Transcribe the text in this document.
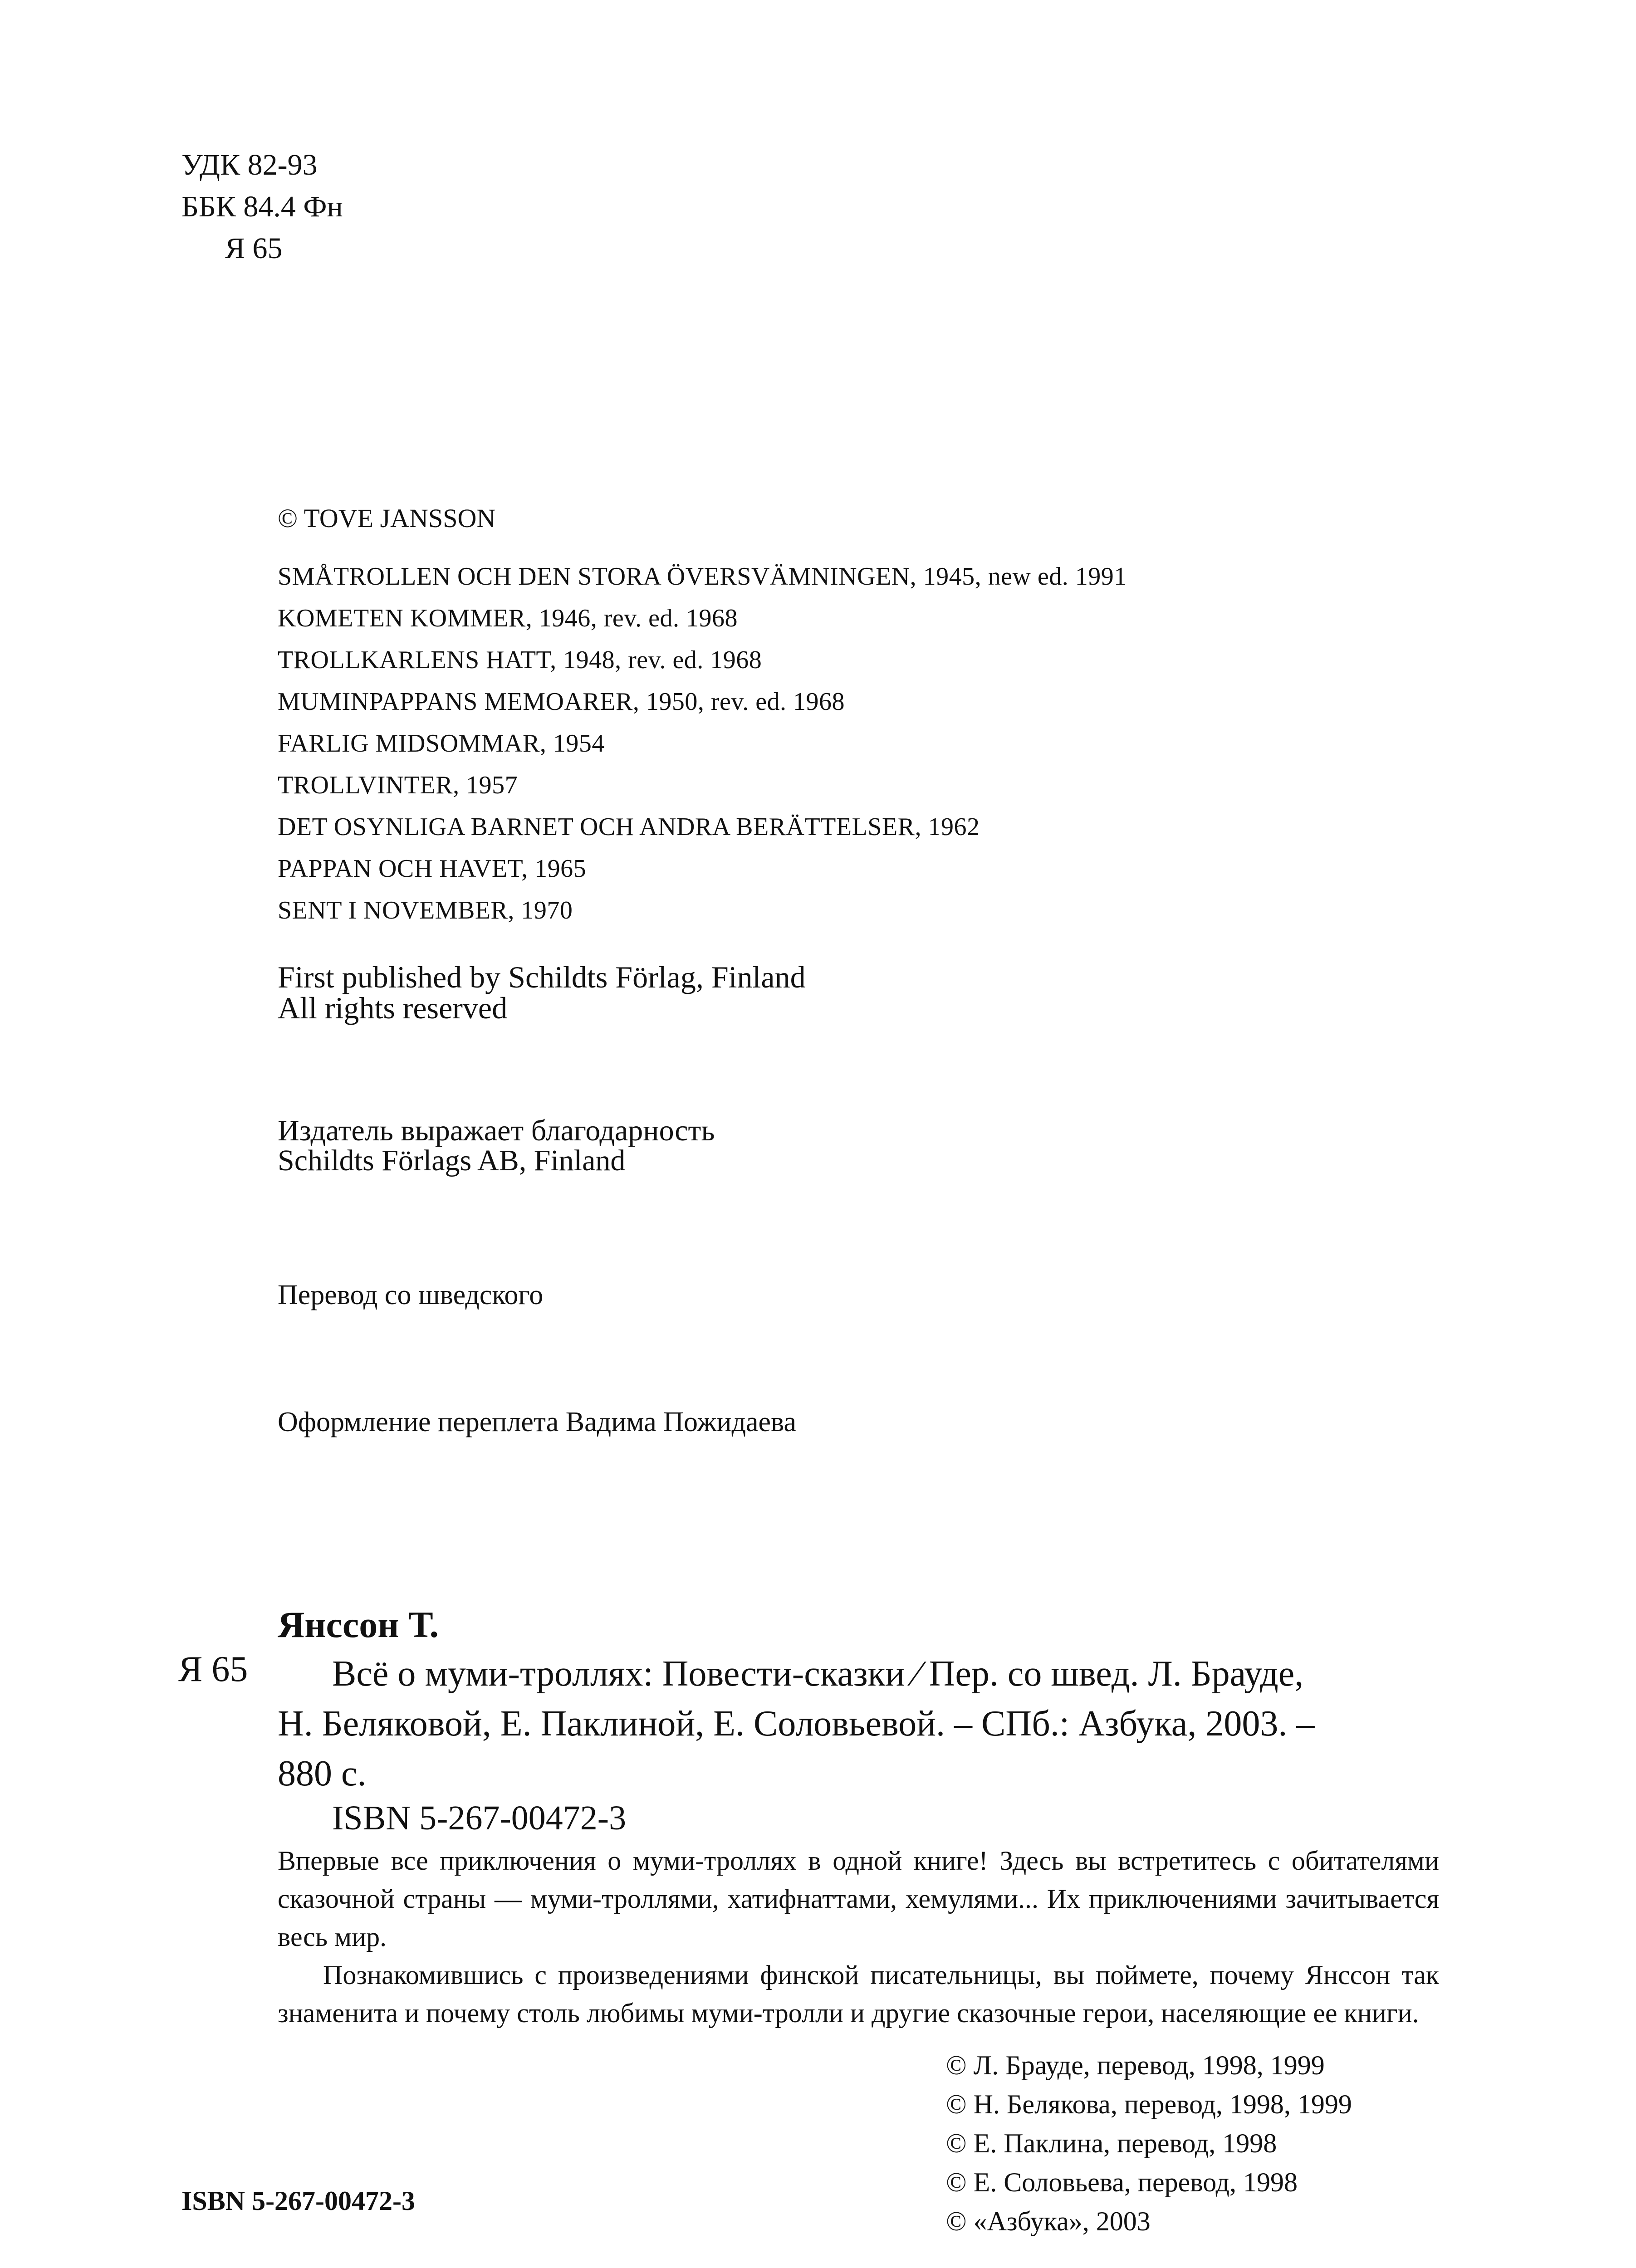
УДК 82-93
ББК 84.4 Фн
Я 65
© TOVE JANSSON
SMÅTROLLEN OCH DEN STORA ÖVERSVÄMNINGEN, 1945, new ed. 1991
KOMETEN KOMMER, 1946, rev. ed. 1968
TROLLKARLENS HATT, 1948, rev. ed. 1968
MUMINPAPPANS MEMOARER, 1950, rev. ed. 1968
FARLIG MIDSOMMAR, 1954
TROLLVINTER, 1957
DET OSYNLIGA BARNET OCH ANDRA BERÄTTELSER, 1962
PAPPAN OCH HAVET, 1965
SENT I NOVEMBER, 1970
First published by Schildts Förlag, Finland
All rights reserved
Издатель выражает благодарность
Schildts Förlags AB, Finland
Перевод со шведского
Оформление переплета Вадима Пожидаева
Янссон Т.
Я 65	Всё о муми-троллях: Повести-сказки ⁄ Пер. со швед. Л. Брауде,
Н. Беляковой, Е. Паклиной, Е. Соловьевой. – СПб.: Азбука, 2003. –
880 с.
ISBN 5-267-00472-3

Впервые все приключения о муми-троллях в одной книге! Здесь вы встретитесь с обитателями сказочной страны — муми-троллями, хатифнаттами, хемулями... Их приключениями зачитывается весь мир.

Познакомившись с произведениями финской писательницы, вы поймете, почему Янссон так знаменита и почему столь любимы муми-тролли и другие сказочные герои, населяющие ее книги.

© Л. Брауде, перевод, 1998, 1999
© Н. Белякова, перевод, 1998, 1999
© Е. Паклина, перевод, 1998
© Е. Соловьева, перевод, 1998
© «Азбука», 2003
ISBN 5-267-00472-3
